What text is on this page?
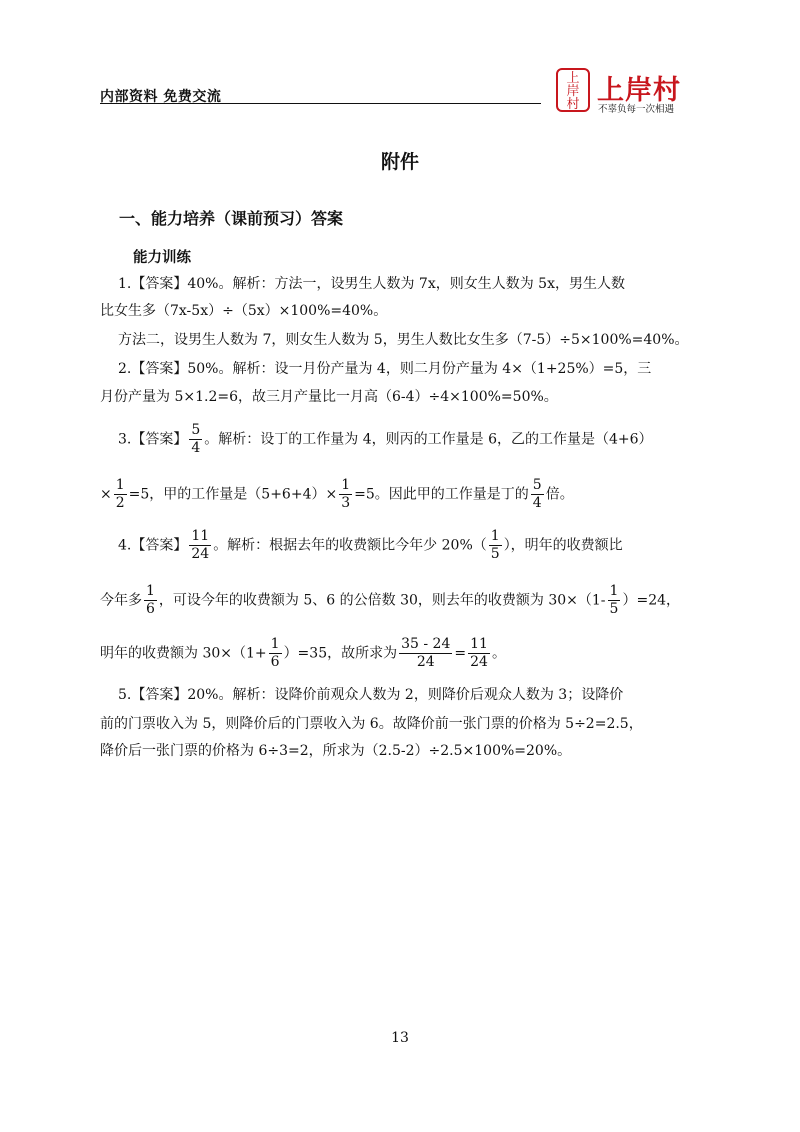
内部资料 免费交流
上
岸
村 上岸村
不辜负每一次相遇
附件
一、能力培养（课前预习）答案
能力训练
1.【答案】40%。解析：方法一，设男生人数为 7x，则女生人数为 5x，男生人数
比女生多（7x-5x）÷（5x）×100%=40%。
方法二，设男生人数为 7，则女生人数为 5，男生人数比女生多（7-5）÷5×100%=40%。
2.【答案】50%。解析：设一月份产量为 4，则二月份产量为 4×（1+25%）=5，三
月份产量为 5×1.2=6，故三月产量比一月高（6-4）÷4×100%=50%。
3.【答案】 $\frac{5}{4}$ 。解析：设丁的工作量为 4，则丙的工作量是 6，乙的工作量是（4+6）
× $\frac{1}{2} =5$，甲的工作量是$(5+6+4)\times \frac{1}{3} =5$。因此甲的工作量是丁的 $\frac{5}{4}$ 倍。
4.【答案】 $\frac{11}{24}$ 。解析：根据去年的收费额比今年少 $20\%( \frac{1}{5}$ ），明年的收费额比
今年多 $\frac{1}{6}$ ，可设今年的收费额为 5、6 的公倍数 30，则去年的收费额为 $30\times(1- \frac{1}{5} )=24$，
明年的收费额为 $30\times(1+ \frac{1}{6} )=35$，故所求为 $\frac{35 - 24}{24} = \frac{11}{24}$ 。
5.【答案】20%。解析：设降价前观众人数为 2，则降价后观众人数为 3；设降价
前的门票收入为 5，则降价后的门票收入为 6。故降价前一张门票的价格为 5÷2=2.5，
降价后一张门票的价格为 6÷3=2，所求为（2.5-2）÷2.5×100%=20%。
13
